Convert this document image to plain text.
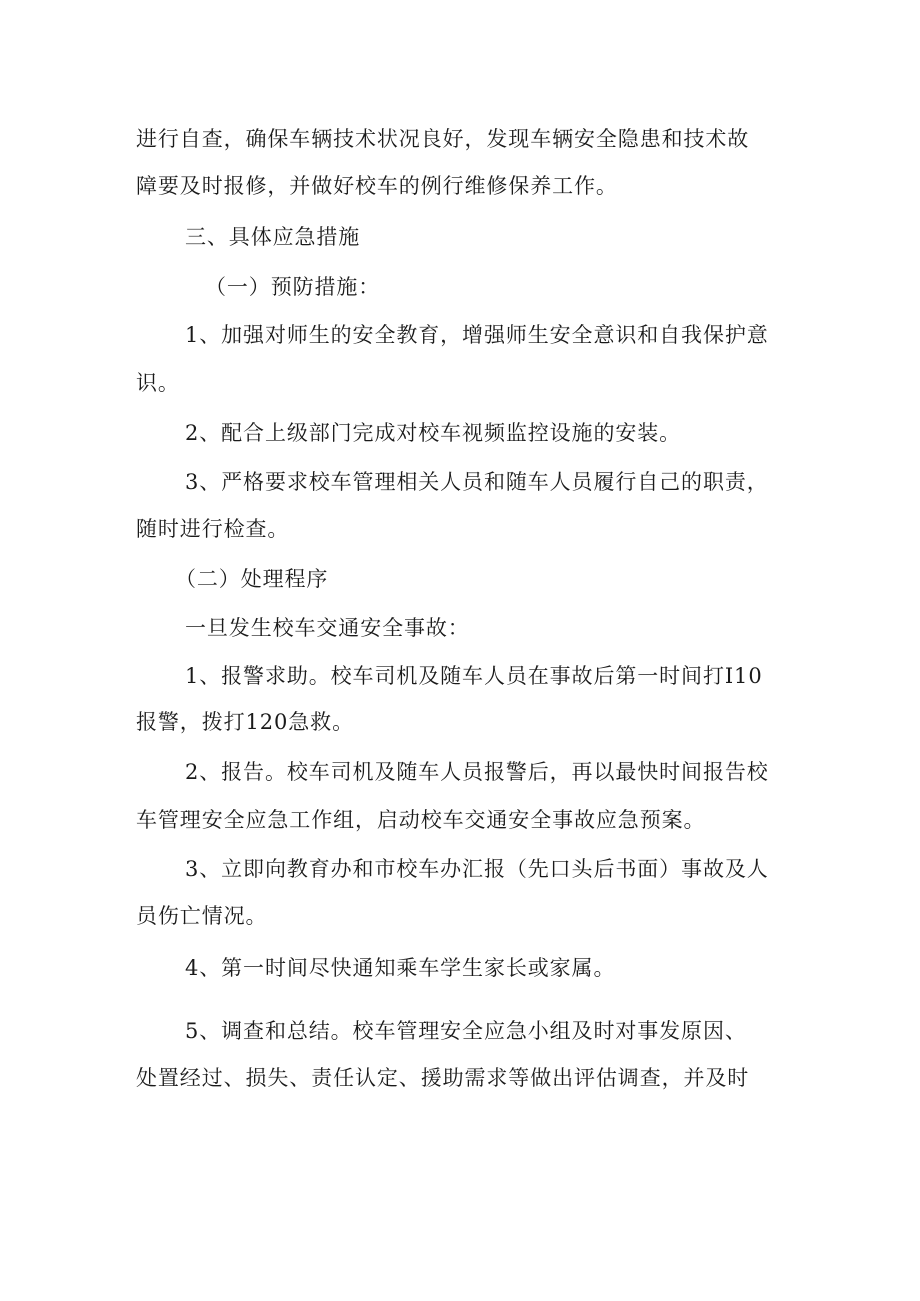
进行自查，确保车辆技术状况良好，发现车辆安全隐患和技术故
障要及时报修，并做好校车的例行维修保养工作。
三、具体应急措施
（一）预防措施：
1、加强对师生的安全教育，增强师生安全意识和自我保护意
识。
2、配合上级部门完成对校车视频监控设施的安装。
3、严格要求校车管理相关人员和随车人员履行自己的职责，
随时进行检查。
（二）处理程序
一旦发生校车交通安全事故：
1、报警求助。校车司机及随车人员在事故后第一时间打I10
报警，拨打120急救。
2、报告。校车司机及随车人员报警后，再以最快时间报告校
车管理安全应急工作组，启动校车交通安全事故应急预案。
3、立即向教育办和市校车办汇报（先口头后书面）事故及人
员伤亡情况。
4、第一时间尽快通知乘车学生家长或家属。
5、调查和总结。校车管理安全应急小组及时对事发原因、
处置经过、损失、责任认定、援助需求等做出评估调查，并及时
